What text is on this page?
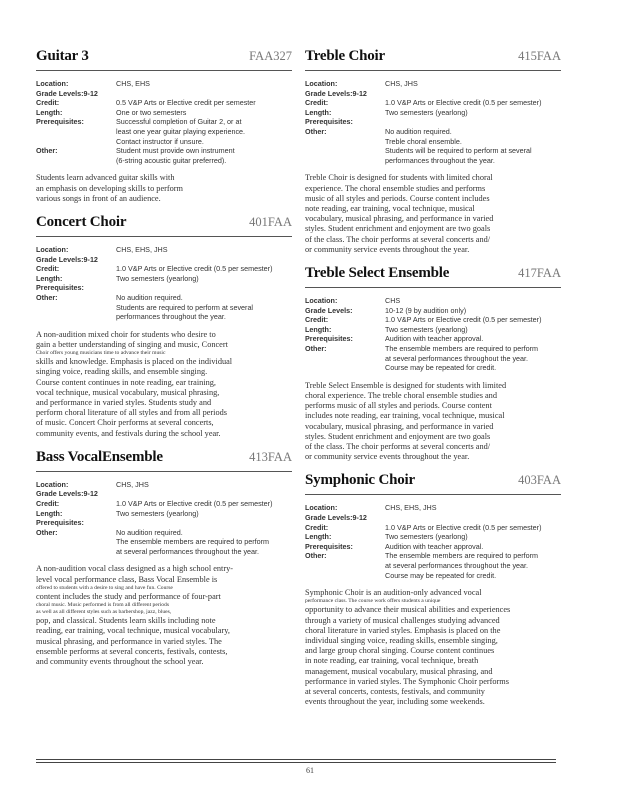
Guitar 3	FAA327
Location:	CHS, EHS
Grade Levels:9-12
Credit:	0.5 V&P Arts or Elective credit per semester
Length:	One or two semesters
Prerequisites:	Successful completion of Guitar 2, or at
least one year guitar playing experience.
Contact instructor if unsure.
Other:	Student must provide own instrument
(6-string acoustic guitar preferred).
Students learn advanced guitar skills with
an emphasis on developing skills to perform
various songs in front of an audience.
Concert Choir	401FAA
Location:	CHS, EHS, JHS
Grade Levels:9-12
Credit:	1.0 V&P Arts or Elective credit (0.5 per semester)
Length:	Two semesters (yearlong)
Prerequisites:
Other:	No audition required.
Students are required to perform at several
performances throughout the year.
A non-audition mixed choir for students who desire to
gain a better understanding of singing and music, Concert
Choir offers young musicians time to advance their music
skills and knowledge. Emphasis is placed on the individual
singing voice, reading skills, and ensemble singing.
Course content continues in note reading, ear training,
vocal technique, musical vocabulary, musical phrasing,
and performance in varied styles. Students study and
perform choral literature of all styles and from all periods
of music. Concert Choir performs at several concerts,
community events, and festivals during the school year.
Bass VocalEnsemble	413FAA
Location:	CHS, JHS
Grade Levels:9-12
Credit:	1.0 V&P Arts or Elective credit (0.5 per semester)
Length:	Two semesters (yearlong)
Prerequisites:
Other:	No audition required.
The ensemble members are required to perform
at several performances throughout the year.
A non-audition vocal class designed as a high school entry-
level vocal performance class, Bass Vocal Ensemble is
offered to students with a desire to sing and have fun. Course
content includes the study and performance of four-part
choral music. Music performed is from all different periods
as well as all different styles such as barbershop, jazz, blues,
pop, and classical. Students learn skills including note
reading, ear training, vocal technique, musical vocabulary,
musical phrasing, and performance in varied styles. The
ensemble performs at several concerts, festivals, contests,
and community events throughout the school year.
Treble Choir	415FAA
Location:	CHS, JHS
Grade Levels:9-12
Credit:	1.0 V&P Arts or Elective credit (0.5 per semester)
Length:	Two semesters (yearlong)
Prerequisites:
Other:	No audition required.
Treble choral ensemble.
Students will be required to perform at several
performances throughout the year.
Treble Choir is designed for students with limited choral
experience. The choral ensemble studies and performs
music of all styles and periods. Course content includes
note reading, ear training, vocal technique, musical
vocabulary, musical phrasing, and performance in varied
styles. Student enrichment and enjoyment are two goals
of the class. The choir performs at several concerts and/
or community service events throughout the year.
Treble Select Ensemble	417FAA
Location:	CHS
Grade Levels:	10-12 (9 by audition only)
Credit:	1.0 V&P Arts or Elective credit (0.5 per semester)
Length:	Two semesters (yearlong)
Prerequisites:	Audition with teacher approval.
Other:	The ensemble members are required to perform
at several performances throughout the year.
Course may be repeated for credit.
Treble Select Ensemble is designed for students with limited
choral experience. The treble choral ensemble studies and
performs music of all styles and periods. Course content
includes note reading, ear training, vocal technique, musical
vocabulary, musical phrasing, and performance in varied
styles. Student enrichment and enjoyment are two goals
of the class. The choir performs at several concerts and/
or community service events throughout the year.
Symphonic Choir	403FAA
Location:	CHS, EHS, JHS
Grade Levels:9-12
Credit:	1.0 V&P Arts or Elective credit (0.5 per semester)
Length:	Two semesters (yearlong)
Prerequisites:	Audition with teacher approval.
Other:	The ensemble members are required to perform
at several performances throughout the year.
Course may be repeated for credit.
Symphonic Choir is an audition-only advanced vocal
performance class. The course work offers students a unique
opportunity to advance their musical abilities and experiences
through a variety of musical challenges studying advanced
choral literature in varied styles. Emphasis is placed on the
individual singing voice, reading skills, ensemble singing,
and large group choral singing. Course content continues
in note reading, ear training, vocal technique, breath
management, musical vocabulary, musical phrasing, and
performance in varied styles. The Symphonic Choir performs
at several concerts, contests, festivals, and community
events throughout the year, including some weekends.
61
